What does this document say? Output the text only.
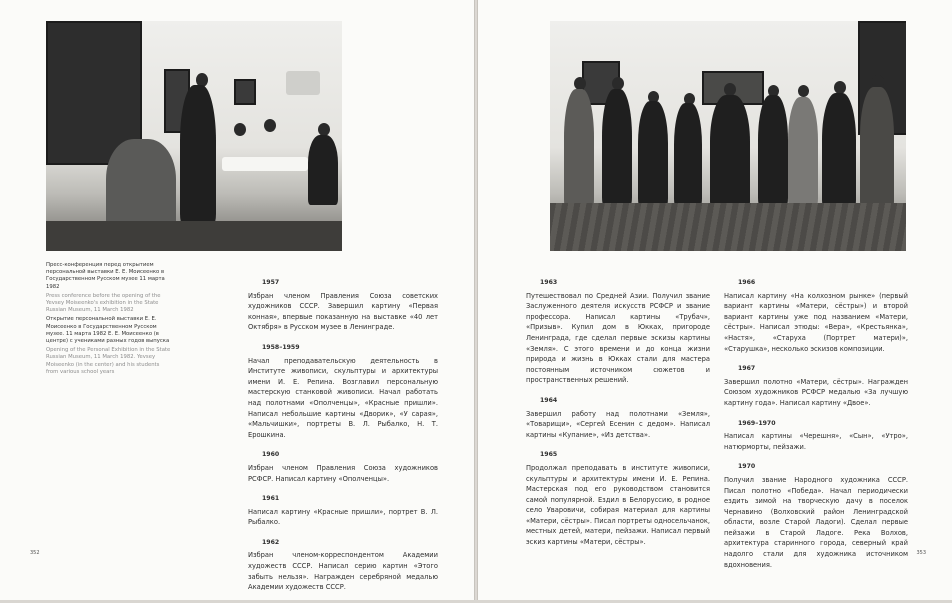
Пресс-конференция перед открытием персональной выставки Е. Е. Моисеенко в Государственном Русском музее 11 марта 1982

Press conference before the opening of the Yevsey Moiseenko's exhibition in the State Russian Museum, 11 March 1982

Открытие персональной выставки Е. Е. Моисеенко в Государственном Русском музее. 11 марта 1982 Е. Е. Моисеенко (в центре) с учениками разных годов выпуска

Opening of the Personal Exhibition in the State Russian Museum, 11 March 1982. Yevsey Moiseenko (in the center) and his students from various school years

1957
Избран членом Правления Союза советских художников СССР. Завершил картину «Первая конная», впервые показанную на выставке «40 лет Октября» в Русском музее в Ленинграде.
1958–1959
Начал преподавательскую деятельность в Институте живописи, скульптуры и архитектуры имени И. Е. Репина. Возглавил персональную мастерскую станковой живописи. Начал работать над полотнами «Ополченцы», «Красные пришли». Написал небольшие картины «Дворик», «У сарая», «Мальчишки», портреты В. Л. Рыбалко, Н. Т. Ерошкина.
1960
Избран членом Правления Союза художников РСФСР. Написал картину «Ополченцы».
1961
Написал картину «Красные пришли», портрет В. Л. Рыбалко.
1962
Избран членом-корреспондентом Академии художеств СССР. Написал серию картин «Этого забыть нельзя». Награжден серебряной медалью Академии художеств СССР.
352
1963
Путешествовал по Средней Азии. Получил звание Заслуженного деятеля искусств РСФСР и звание профессора. Написал картины «Трубач», «Призыв». Купил дом в Юкках, пригороде Ленинграда, где сделал первые эскизы картины «Земля». С этого времени и до конца жизни природа и жизнь в Юкках стали для мастера постоянным источником сюжетов и пространственных решений.
1964
Завершил работу над полотнами «Земля», «Товарищи», «Сергей Есенин с дедом». Написал картины «Купание», «Из детства».
1965
Продолжал преподавать в институте живописи, скульптуры и архитектуры имени И. Е. Репина. Мастерская под его руководством становится самой популярной. Ездил в Белоруссию, в родное село Уваровичи, собирая материал для картины «Матери, сёстры». Писал портреты односельчанок, местных детей, матери, пейзажи. Написал первый эскиз картины «Матери, сёстры».
1966
Написал картину «На колхозном рынке» (первый вариант картины «Матери, сёстры») и второй вариант картины уже под названием «Матери, сёстры». Написал этюды: «Вера», «Крестьянка», «Настя», «Старуха (Портрет матери)», «Старушка», несколько эскизов композиции.
1967
Завершил полотно «Матери, сёстры». Награжден Союзом художников РСФСР медалью «За лучшую картину года». Написал картину «Двое».
1969–1970
Написал картины «Черешня», «Сын», «Утро», натюрморты, пейзажи.
1970
Получил звание Народного художника СССР. Писал полотно «Победа». Начал периодически ездить зимой на творческую дачу в поселок Чернавино (Волховский район Ленинградской области, возле Старой Ладоги). Сделал первые пейзажи в Старой Ладоге. Река Волхов, архитектура старинного города, северный край надолго стали для художника источником вдохновения.
353
